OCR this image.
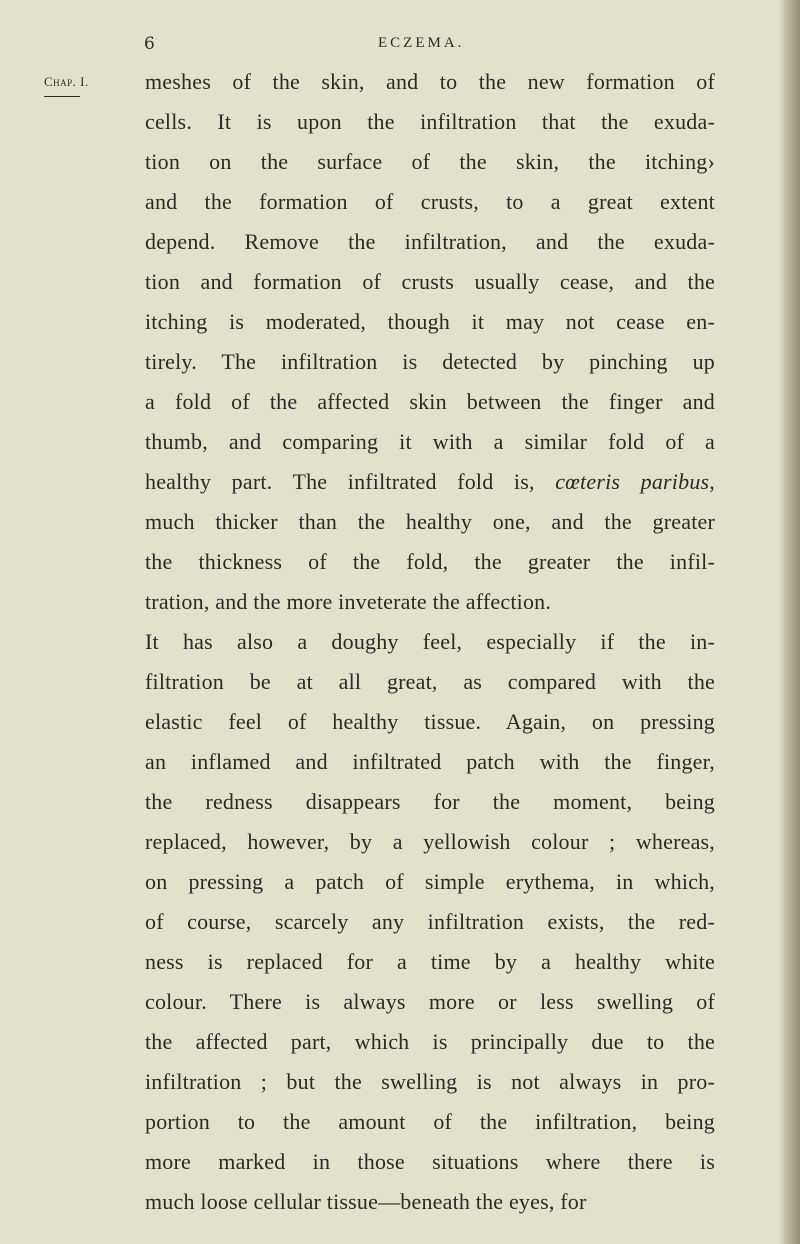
6	ECZEMA.
Chap. I.	meshes of the skin, and to the new formation of
cells. It is upon the infiltration that the exuda-
tion on the surface of the skin, the itching›
and the formation of crusts, to a great extent
depend. Remove the infiltration, and the exuda-
tion and formation of crusts usually cease, and the
itching is moderated, though it may not cease en-
tirely. The infiltration is detected by pinching up
a fold of the affected skin between the finger and
thumb, and comparing it with a similar fold of a
healthy part. The infiltrated fold is, cœteris paribus,
much thicker than the healthy one, and the greater
the thickness of the fold, the greater the infil-
tration, and the more inveterate the affection.
It has also a doughy feel, especially if the in-
filtration be at all great, as compared with the
elastic feel of healthy tissue. Again, on pressing
an inflamed and infiltrated patch with the finger,
the redness disappears for the moment, being
replaced, however, by a yellowish colour ; whereas,
on pressing a patch of simple erythema, in which,
of course, scarcely any infiltration exists, the red-
ness is replaced for a time by a healthy white
colour. There is always more or less swelling of
the affected part, which is principally due to the
infiltration ; but the swelling is not always in pro-
portion to the amount of the infiltration, being
more marked in those situations where there is
much loose cellular tissue—beneath the eyes, for
